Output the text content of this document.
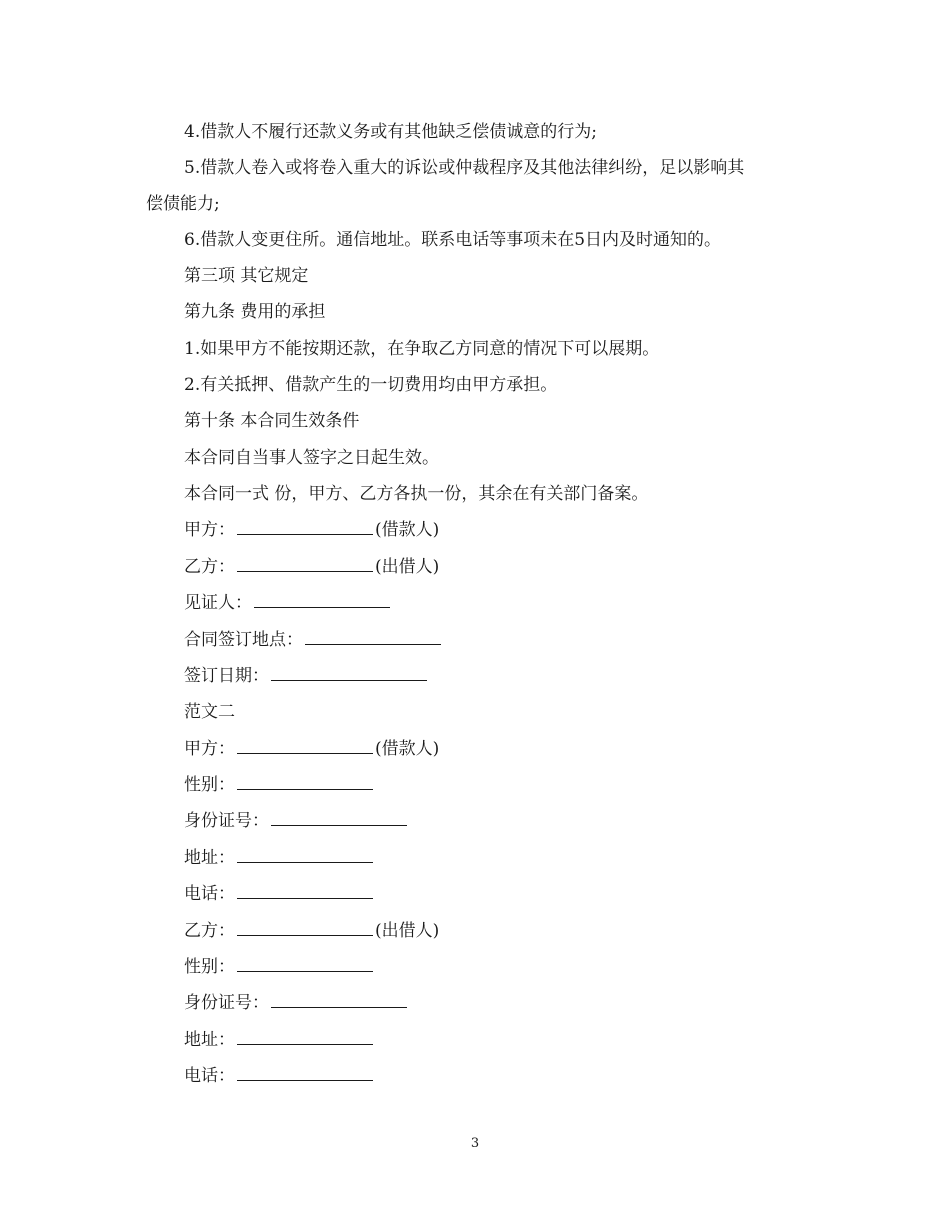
4.借款人不履行还款义务或有其他缺乏偿债诚意的行为;
5.借款人卷入或将卷入重大的诉讼或仲裁程序及其他法律纠纷，足以影响其
偿债能力;
6.借款人变更住所。通信地址。联系电话等事项未在5日内及时通知的。
第三项 其它规定
第九条 费用的承担
1.如果甲方不能按期还款，在争取乙方同意的情况下可以展期。
2.有关抵押、借款产生的一切费用均由甲方承担。
第十条 本合同生效条件
本合同自当事人签字之日起生效。
本合同一式 份，甲方、乙方各执一份，其余在有关部门备案。
甲方：	(借款人)
乙方：	(出借人)
见证人：
合同签订地点：
签订日期：
范文二
甲方：	(借款人)
性别：
身份证号：
地址：
电话：
乙方：	(出借人)
性别：
身份证号：
地址：
电话：
3
